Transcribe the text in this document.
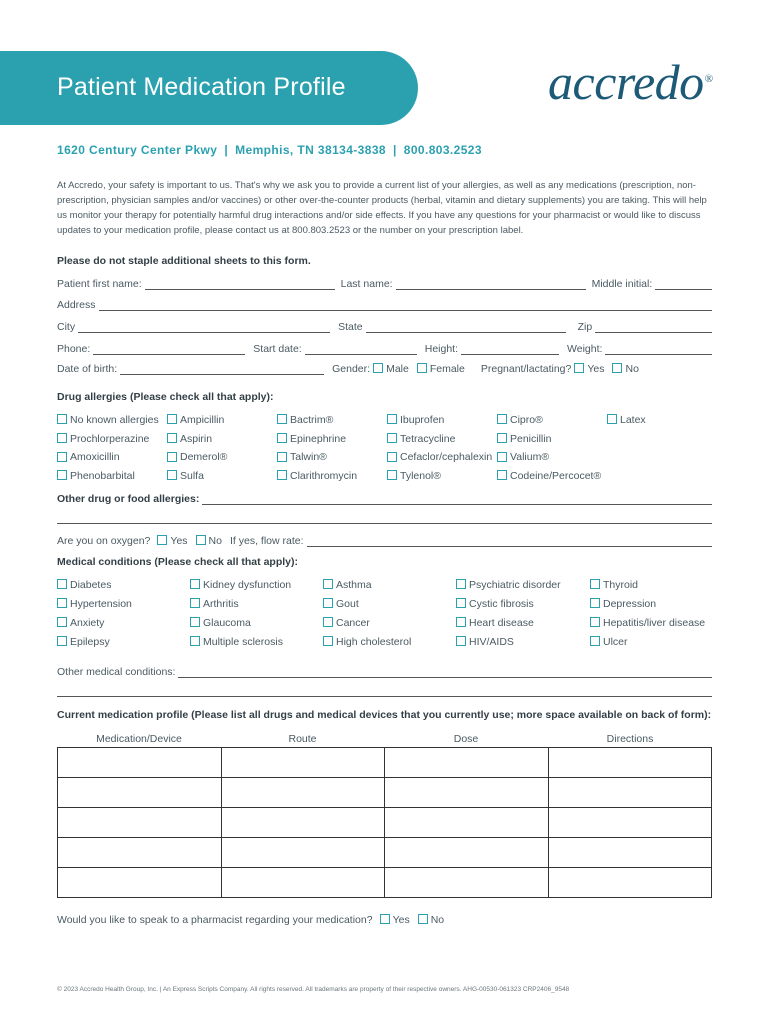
Patient Medication Profile	accredo®
1620 Century Center Pkwy | Memphis, TN 38134-3838 | 800.803.2523
At Accredo, your safety is important to us. That's why we ask you to provide a current list of your allergies, as well as any medications (prescription, non-prescription, physician samples and/or vaccines) or other over-the-counter products (herbal, vitamin and dietary supplements) you are taking. This will help us monitor your therapy for potentially harmful drug interactions and/or side effects. If you have any questions for your pharmacist or would like to discuss updates to your medication profile, please contact us at 800.803.2523 or the number on your prescription label.
Please do not staple additional sheets to this form.
Patient first name:	Last name:	Middle initial:
Address
City	State	Zip
Phone:	Start date:	Height:	Weight:
Date of birth:	Gender:	Male	Female Pregnant/lactating?	Yes	No
Drug allergies (Please check all that apply):
No known allergies	Ampicillin	Bactrim®	Ibuprofen	Cipro®	Latex
Prochlorperazine	Aspirin	Epinephrine	Tetracycline	Penicillin
Amoxicillin	Demerol®	Talwin®	Cefaclor/cephalexin	Valium®
Phenobarbital	Sulfa	Clarithromycin	Tylenol®	Codeine/Percocet®
Other drug or food allergies:
Are you on oxygen?	Yes	No If yes, flow rate:
Medical conditions (Please check all that apply):
Diabetes	Kidney dysfunction	Asthma	Psychiatric disorder	Thyroid
Hypertension	Arthritis	Gout	Cystic fibrosis	Depression
Anxiety	Glaucoma	Cancer	Heart disease	Hepatitis/liver disease
Epilepsy	Multiple sclerosis	High cholesterol	HIV/AIDS	Ulcer
Other medical conditions:
Current medication profile (Please list all drugs and medical devices that you currently use; more space available on back of form):
Medication/Device	Route	Dose	Directions

Would you like to speak to a pharmacist regarding your medication?	Yes	No
© 2023 Accredo Health Group, Inc. | An Express Scripts Company. All rights reserved. All trademarks are property of their respective owners. AHG-00530-061323 CRP2406_9548
